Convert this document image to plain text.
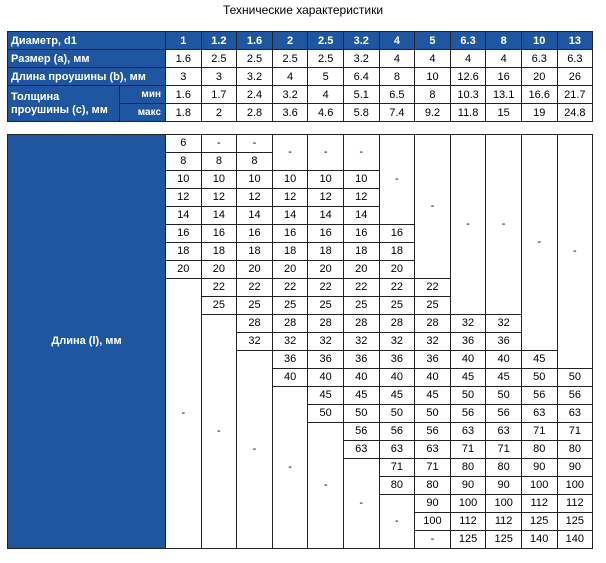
Технические характеристики
Диаметр, d1		1	1.2	1.6	2	2.5	3.2	4	5	6.3	8	10	13
Размер (a), мм		1.6	2.5	2.5	2.5	2.5	3.2	4	4	4	4	6.3	6.3
Длина проушины (b), мм		3	3	3.2	4	5	6.4	8	10	12.6	16	20	26
Толщина проушины (c), мм	мин	1.6	1.7	2.4	3.2	4	5.1	6.5	8	10.3	13.1	16.6	21.7
	макс	1.8	2	2.8	3.6	4.6	5.8	7.4	9.2	11.8	15	19	24.8
Длина (l), мм	6	-	-	-	-	-	-	-	-	-	-	-
	8	8	8									
	10	10	10	10	10	10						
	12	12	12	12	12	12						
	14	14	14	14	14	14						
	16	16	16	16	16	16	16					
	18	18	18	18	18	18	18					
	20	20	20	20	20	20	20					
	-	22	22	22	22	22	22	22				
		25	25	25	25	25	25	25				
		-	28	28	28	28	28	28	32	32		
			32	32	32	32	32	32	36	36		
			-	36	36	36	36	36	40	40	45	
				40	40	40	40	40	45	45	50	50
				-	45	45	45	45	50	50	56	56
					50	50	50	50	56	56	63	63
					-	56	56	56	63	63	71	71
						63	63	63	71	71	80	80
						-	71	71	80	80	90	90
							80	80	90	90	100	100
							-	90	100	100	112	112
								100	112	112	125	125
								-	125	125	140	140
